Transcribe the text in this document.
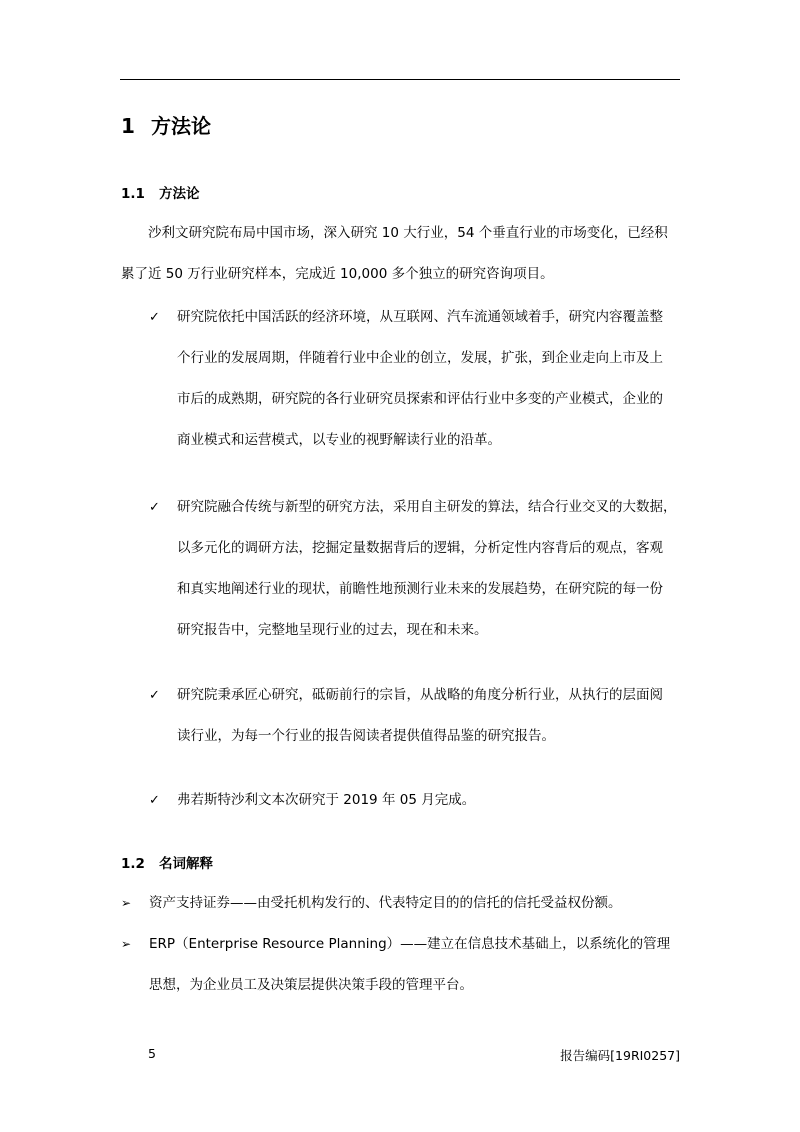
1 方法论
1.1 方法论
沙利文研究院布局中国市场，深入研究 10 大行业，54 个垂直行业的市场变化，已经积
累了近 50 万行业研究样本，完成近 10,000 多个独立的研究咨询项目。
✓	研究院依托中国活跃的经济环境，从互联网、汽车流通领域着手，研究内容覆盖整
个行业的发展周期，伴随着行业中企业的创立，发展，扩张，到企业走向上市及上
市后的成熟期，研究院的各行业研究员探索和评估行业中多变的产业模式，企业的
商业模式和运营模式，以专业的视野解读行业的沿革。
✓	研究院融合传统与新型的研究方法，采用自主研发的算法，结合行业交叉的大数据，
以多元化的调研方法，挖掘定量数据背后的逻辑，分析定性内容背后的观点，客观
和真实地阐述行业的现状，前瞻性地预测行业未来的发展趋势，在研究院的每一份
研究报告中，完整地呈现行业的过去，现在和未来。
✓	研究院秉承匠心研究，砥砺前行的宗旨，从战略的角度分析行业，从执行的层面阅
读行业，为每一个行业的报告阅读者提供值得品鉴的研究报告。
✓	弗若斯特沙利文本次研究于 2019 年 05 月完成。
1.2 名词解释
➢	资产支持证券——由受托机构发行的、代表特定目的的信托的信托受益权份额。
➢	ERP（Enterprise Resource Planning）——建立在信息技术基础上，以系统化的管理
思想，为企业员工及决策层提供决策手段的管理平台。
5	报告编码[19RI0257]
